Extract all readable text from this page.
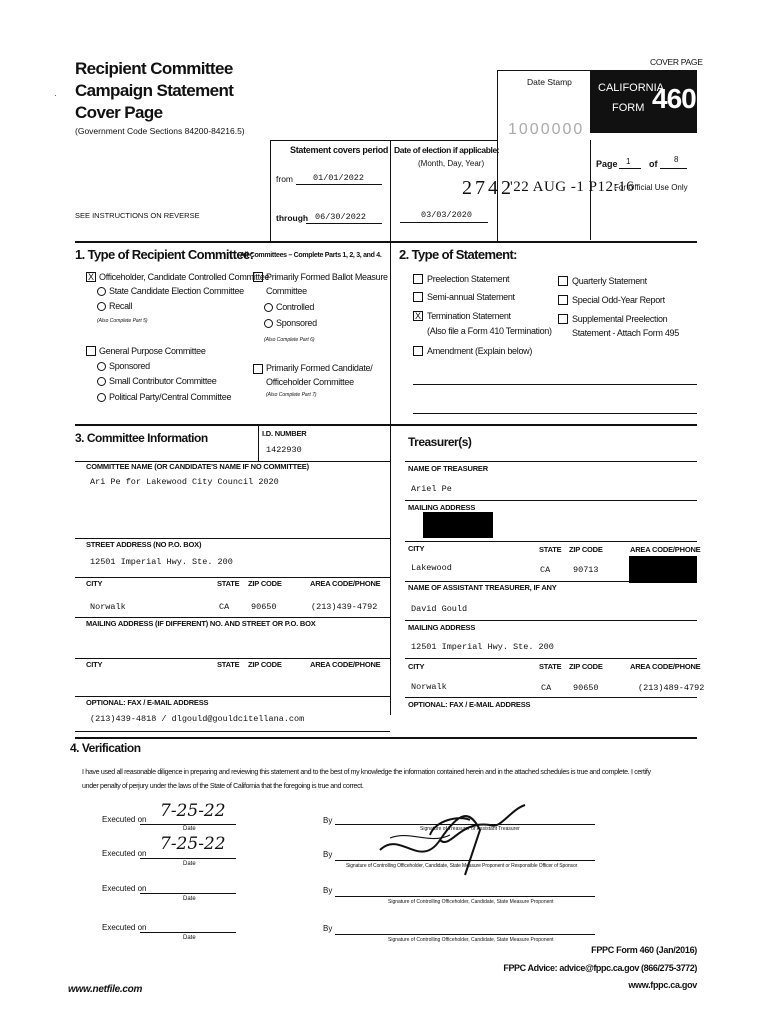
Recipient Committee
Campaign Statement
Cover Page
(Government Code Sections 84200-84216.5)
·
COVER PAGE
Date Stamp
1000000
CALIFORNIA
FORM 460
Page 1 of 8
For Official Use Only
2742
'22 AUG -1 P12:16
Statement covers period
from 01/01/2022
through 06/30/2022
Date of election if applicable:
(Month, Day, Year)
03/03/2020
SEE INSTRUCTIONS ON REVERSE
1. Type of Recipient Committee:
All Committees – Complete Parts 1, 2, 3, and 4.
X Officeholder, Candidate Controlled Committee
State Candidate Election Committee
Recall
(Also Complete Part 5)
General Purpose Committee
Sponsored
Small Contributor Committee
Political Party/Central Committee
Primarily Formed Ballot Measure
Committee
Controlled
Sponsored
(Also Complete Part 6)
Primarily Formed Candidate/
Officeholder Committee
(Also Complete Part 7)
2. Type of Statement:
Preelection Statement
Semi-annual Statement
X Termination Statement
(Also file a Form 410 Termination)
Amendment (Explain below)
Quarterly Statement
Special Odd-Year Report
Supplemental Preelection
Statement - Attach Form 495
3. Committee Information	I.D. NUMBER
1422930
COMMITTEE NAME (OR CANDIDATE'S NAME IF NO COMMITTEE)
Ari Pe for Lakewood City Council 2020
STREET ADDRESS (NO P.O. BOX)
12501 Imperial Hwy. Ste. 200
CITY	STATE ZIP CODE	AREA CODE/PHONE
Norwalk	CA	90650	(213)439-4792
MAILING ADDRESS (IF DIFFERENT) NO. AND STREET OR P.O. BOX
CITY	STATE ZIP CODE	AREA CODE/PHONE
OPTIONAL: FAX / E-MAIL ADDRESS
(213)439-4818 / dlgould@gouldcitellana.com
Treasurer(s)
NAME OF TREASURER
Ariel Pe
MAILING ADDRESS
CITY	STATE ZIP CODE	AREA CODE/PHONE
Lakewood	CA	90713
NAME OF ASSISTANT TREASURER, IF ANY
David Gould
MAILING ADDRESS
12501 Imperial Hwy. Ste. 200
CITY	STATE ZIP CODE	AREA CODE/PHONE
Norwalk	CA	90650	(213)489-4792
OPTIONAL: FAX / E-MAIL ADDRESS
4. Verification
I have used all reasonable diligence in preparing and reviewing this statement and to the best of my knowledge the information contained herein and in the attached schedules is true and complete. I certify
under penalty of perjury under the laws of the State of California that the foregoing is true and correct.
Executed on 7-25-22
Date
By
Signature of Treasurer or Assistant Treasurer
Executed on 7-25-22
Date
By
Signature of Controlling Officeholder, Candidate, State Measure Proponent or Responsible Officer of Sponsor
Executed on
Date
By
Signature of Controlling Officeholder, Candidate, State Measure Proponent
Executed on
Date
By
Signature of Controlling Officeholder, Candidate, State Measure Proponent
FPPC Form 460 (Jan/2016)
FPPC Advice: advice@fppc.ca.gov (866/275-3772)
www.fppc.ca.gov
www.netfile.com
